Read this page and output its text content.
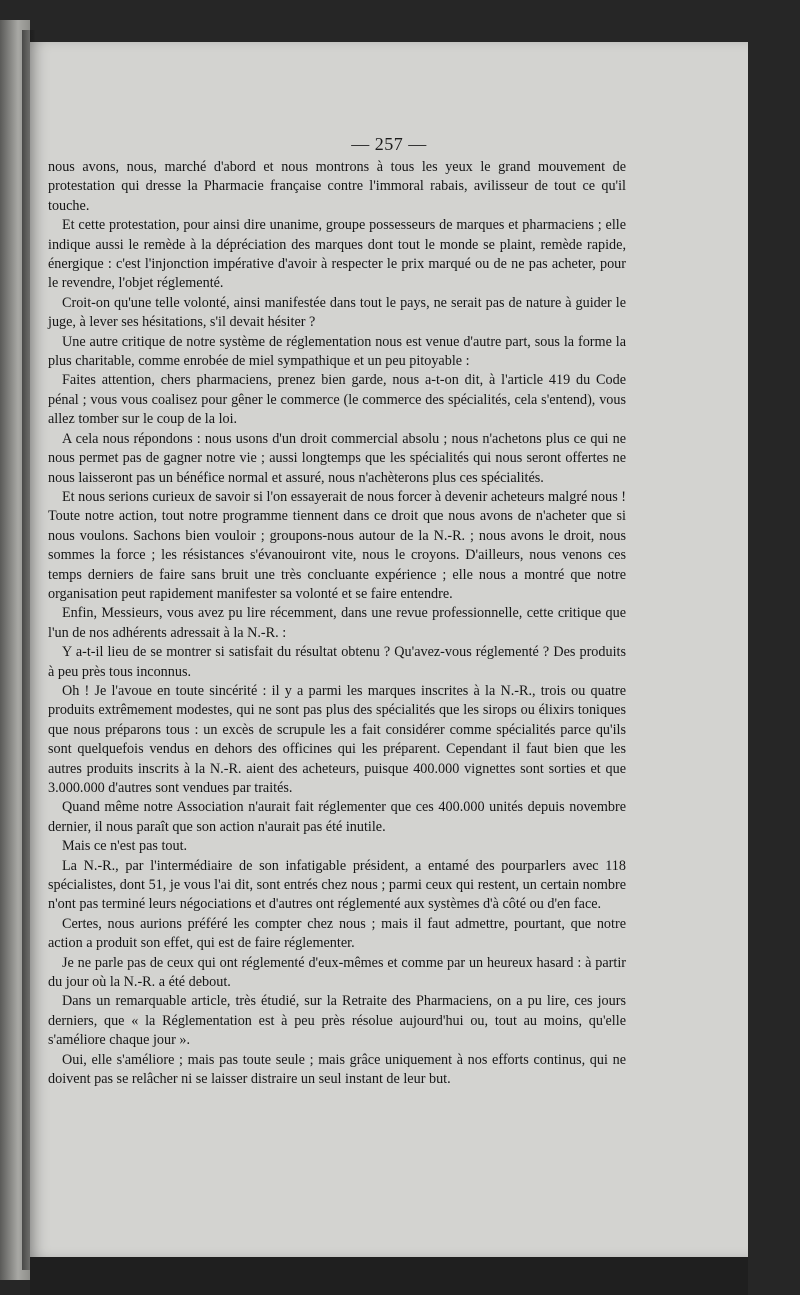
— 257 —

nous avons, nous, marché d'abord et nous montrons à tous les yeux le grand mouvement de protestation qui dresse la Pharmacie française contre l'immoral rabais, avilisseur de tout ce qu'il touche.

Et cette protestation, pour ainsi dire unanime, groupe possesseurs de marques et pharmaciens ; elle indique aussi le remède à la dépréciation des marques dont tout le monde se plaint, remède rapide, énergique : c'est l'injonction impérative d'avoir à respecter le prix marqué ou de ne pas acheter, pour le revendre, l'objet réglementé.

Croit-on qu'une telle volonté, ainsi manifestée dans tout le pays, ne serait pas de nature à guider le juge, à lever ses hésitations, s'il devait hésiter ?

Une autre critique de notre système de réglementation nous est venue d'autre part, sous la forme la plus charitable, comme enrobée de miel sympathique et un peu pitoyable :

Faites attention, chers pharmaciens, prenez bien garde, nous a-t-on dit, à l'article 419 du Code pénal ; vous vous coalisez pour gêner le commerce (le commerce des spécialités, cela s'entend), vous allez tomber sur le coup de la loi.

A cela nous répondons : nous usons d'un droit commercial absolu ; nous n'achetons plus ce qui ne nous permet pas de gagner notre vie ; aussi longtemps que les spécialités qui nous seront offertes ne nous laisseront pas un bénéfice normal et assuré, nous n'achèterons plus ces spécialités.

Et nous serions curieux de savoir si l'on essayerait de nous forcer à devenir acheteurs malgré nous ! Toute notre action, tout notre programme tiennent dans ce droit que nous avons de n'acheter que si nous voulons. Sachons bien vouloir ; groupons-nous autour de la N.-R. ; nous avons le droit, nous sommes la force ; les résistances s'évanouiront vite, nous le croyons. D'ailleurs, nous venons ces temps derniers de faire sans bruit une très concluante expérience ; elle nous a montré que notre organisation peut rapidement manifester sa volonté et se faire entendre.

Enfin, Messieurs, vous avez pu lire récemment, dans une revue professionnelle, cette critique que l'un de nos adhérents adressait à la N.-R. :

Y a-t-il lieu de se montrer si satisfait du résultat obtenu ? Qu'avez-vous réglementé ? Des produits à peu près tous inconnus.

Oh ! Je l'avoue en toute sincérité : il y a parmi les marques inscrites à la N.-R., trois ou quatre produits extrêmement modestes, qui ne sont pas plus des spécialités que les sirops ou élixirs toniques que nous préparons tous : un excès de scrupule les a fait considérer comme spécialités parce qu'ils sont quelquefois vendus en dehors des officines qui les préparent. Cependant il faut bien que les autres produits inscrits à la N.-R. aient des acheteurs, puisque 400.000 vignettes sont sorties et que 3.000.000 d'autres sont vendues par traités.

Quand même notre Association n'aurait fait réglementer que ces 400.000 unités depuis novembre dernier, il nous paraît que son action n'aurait pas été inutile.

Mais ce n'est pas tout.

La N.-R., par l'intermédiaire de son infatigable président, a entamé des pourparlers avec 118 spécialistes, dont 51, je vous l'ai dit, sont entrés chez nous ; parmi ceux qui restent, un certain nombre n'ont pas terminé leurs négociations et d'autres ont réglementé aux systèmes d'à côté ou d'en face.

Certes, nous aurions préféré les compter chez nous ; mais il faut admettre, pourtant, que notre action a produit son effet, qui est de faire réglementer.

Je ne parle pas de ceux qui ont réglementé d'eux-mêmes et comme par un heureux hasard : à partir du jour où la N.-R. a été debout.

Dans un remarquable article, très étudié, sur la Retraite des Pharmaciens, on a pu lire, ces jours derniers, que « la Réglementation est à peu près résolue aujourd'hui ou, tout au moins, qu'elle s'améliore chaque jour ».

Oui, elle s'améliore ; mais pas toute seule ; mais grâce uniquement à nos efforts continus, qui ne doivent pas se relâcher ni se laisser distraire un seul instant de leur but.
